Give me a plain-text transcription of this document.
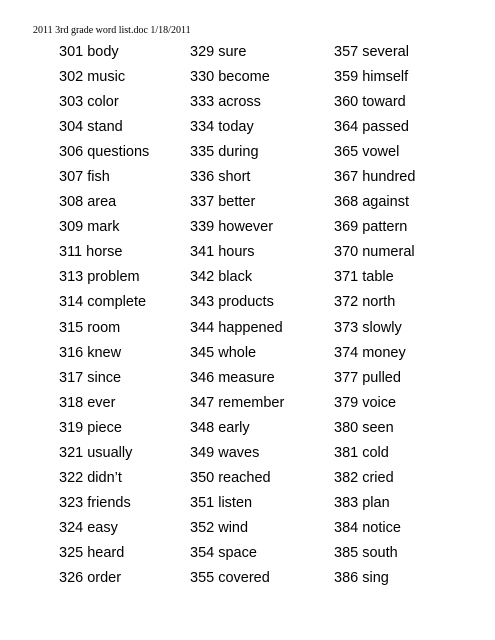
2011 3rd grade word list.doc 1/18/2011
301 body
302 music
303 color
304 stand
306 questions
307 fish
308 area
309 mark
311 horse
313 problem
314 complete
315 room
316 knew
317 since
318 ever
319 piece
321 usually
322 didn’t
323 friends
324 easy
325 heard
326 order
329 sure
330 become
333 across
334 today
335 during
336 short
337 better
339 however
341 hours
342 black
343 products
344 happened
345 whole
346 measure
347 remember
348 early
349 waves
350 reached
351 listen
352 wind
354 space
355 covered
357 several
359 himself
360 toward
364 passed
365 vowel
367 hundred
368 against
369 pattern
370 numeral
371 table
372 north
373 slowly
374 money
377 pulled
379 voice
380 seen
381 cold
382 cried
383 plan
384 notice
385 south
386 sing
